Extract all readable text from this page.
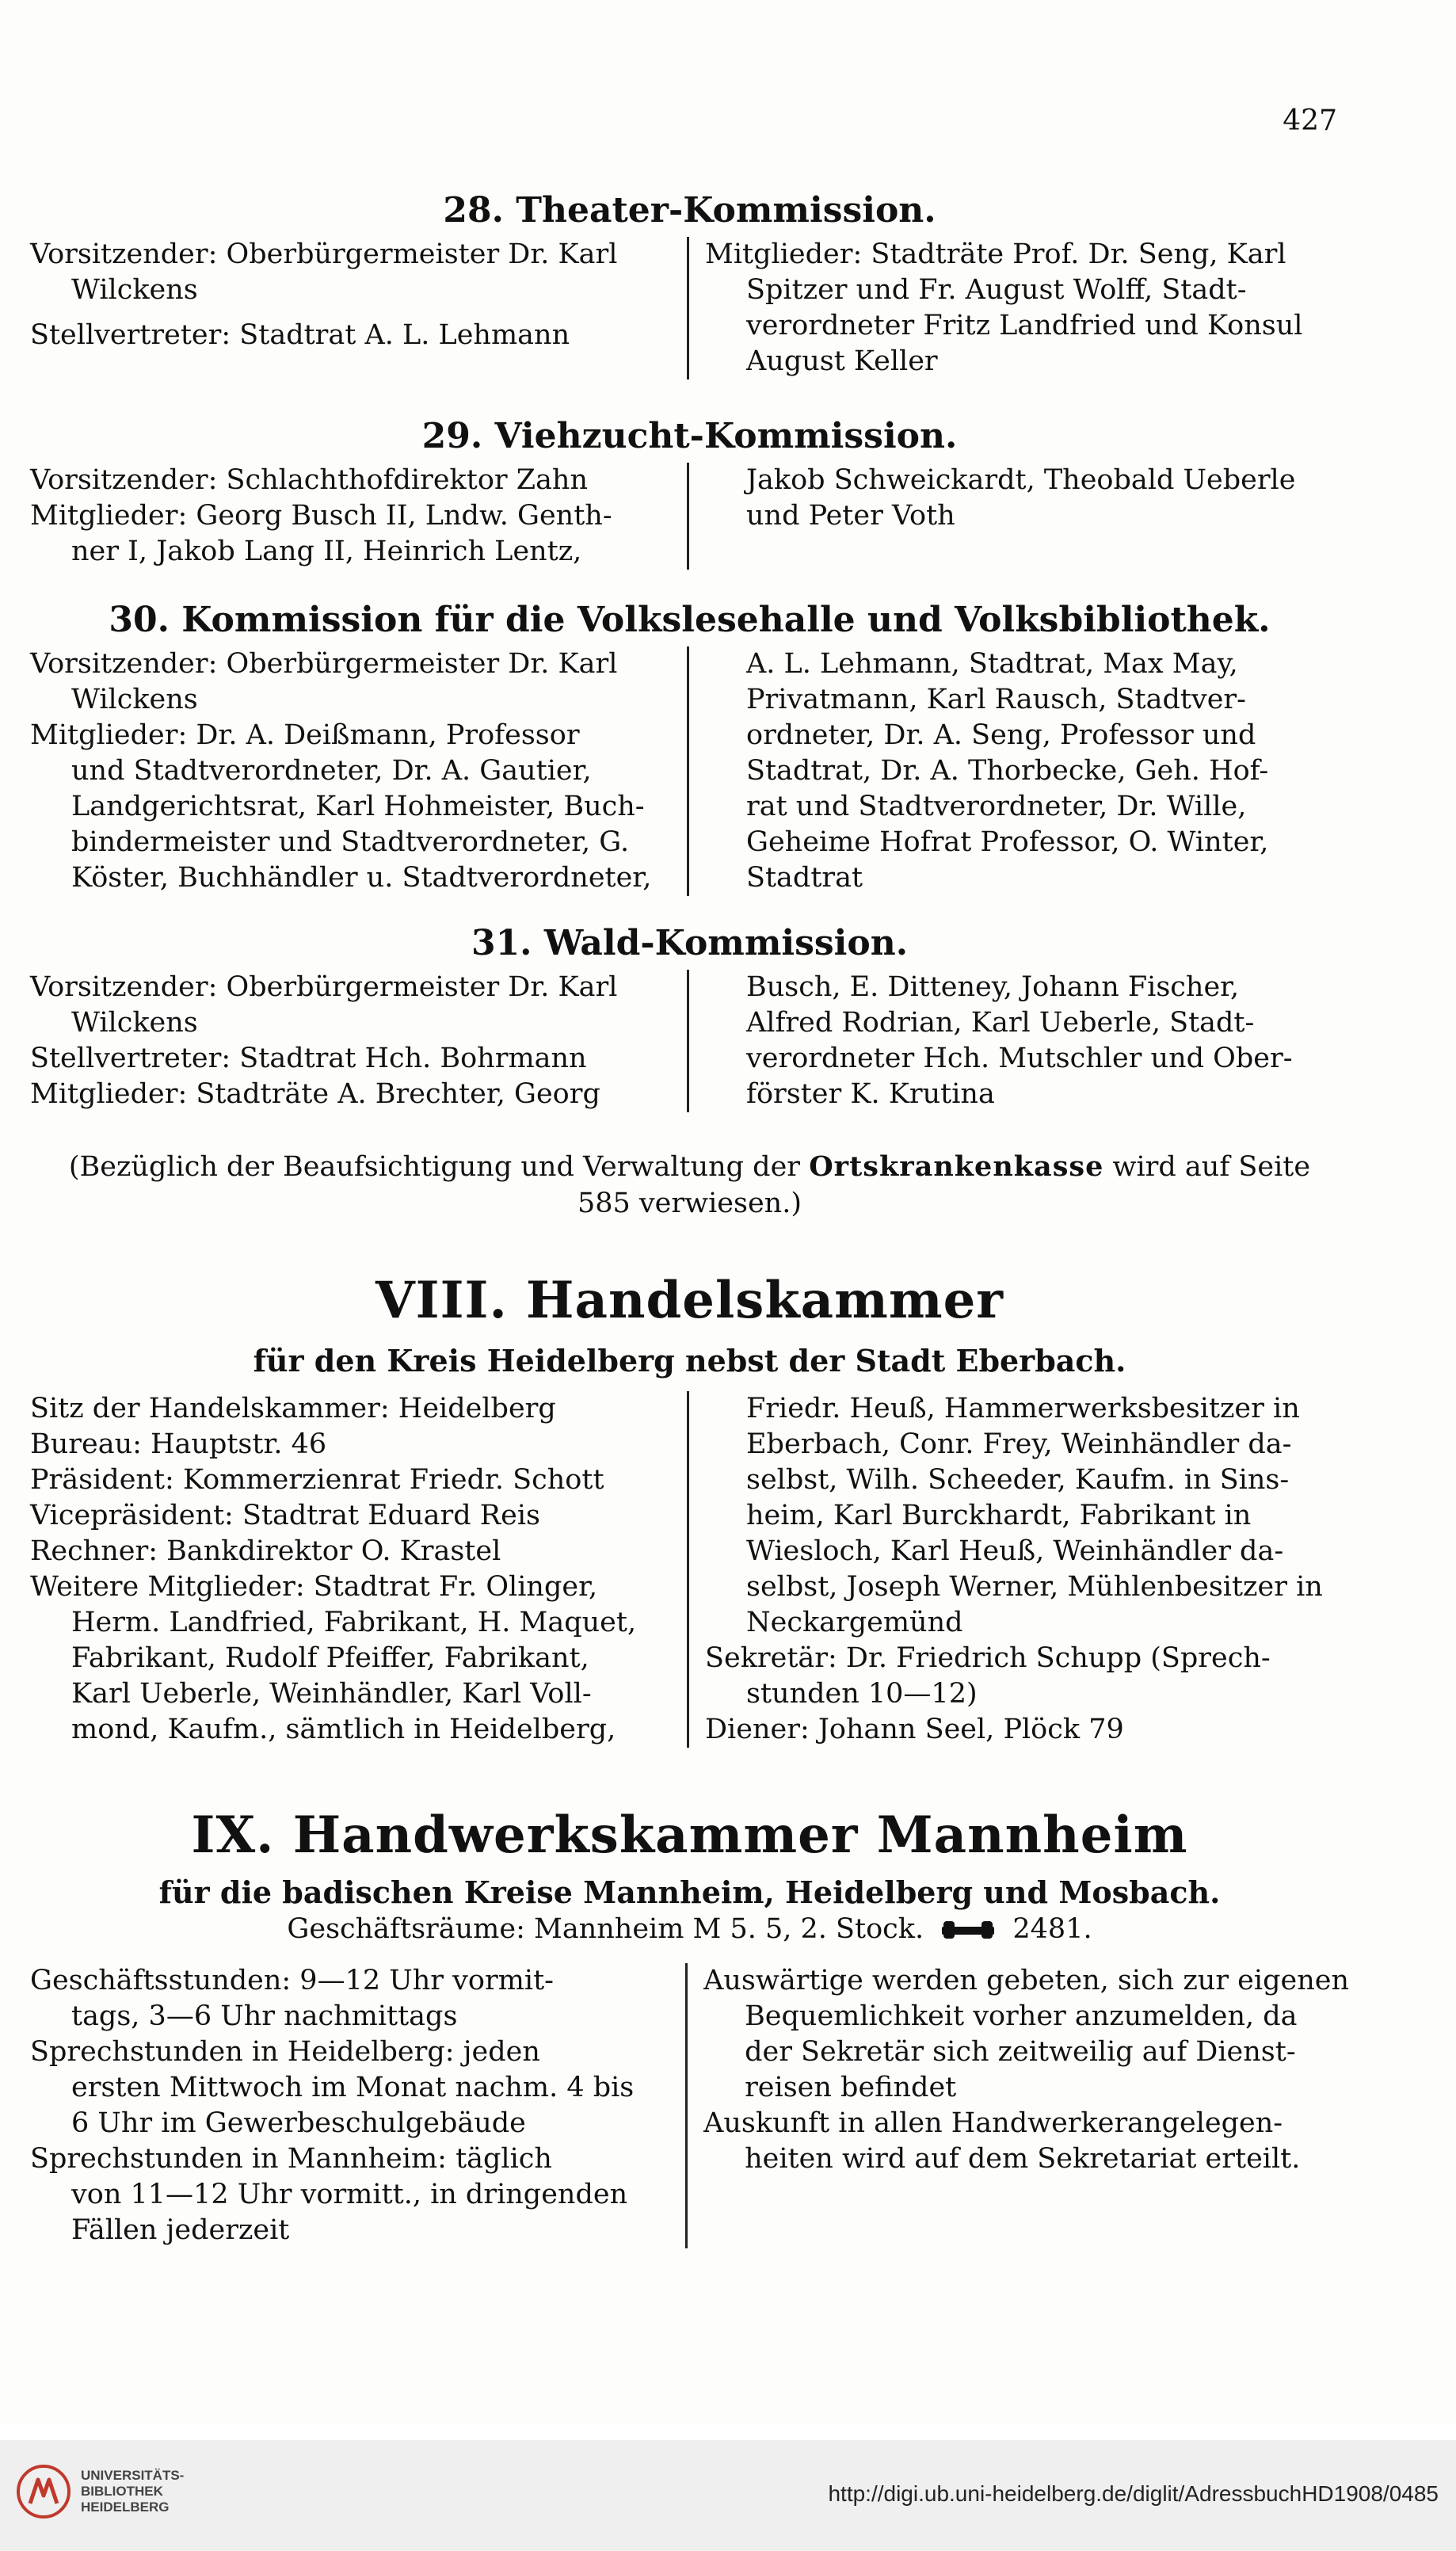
427
28. Theater-Kommission.
Vorsitzender: Oberbürgermeister Dr. Karl
Wilckens
Stellvertreter: Stadtrat A. L. Lehmann
Mitglieder: Stadträte Prof. Dr. Seng, Karl
Spitzer und Fr. August Wolff, Stadt-
verordneter Fritz Landfried und Konsul
August Keller
29. Viehzucht-Kommission.
Vorsitzender: Schlachthofdirektor Zahn
Mitglieder: Georg Busch II, Lndw. Genth-
ner I, Jakob Lang II, Heinrich Lentz,
Jakob Schweickardt, Theobald Ueberle
und Peter Voth
30. Kommission für die Volkslesehalle und Volksbibliothek.
Vorsitzender: Oberbürgermeister Dr. Karl
Wilckens
Mitglieder: Dr. A. Deißmann, Professor
und Stadtverordneter, Dr. A. Gautier,
Landgerichtsrat, Karl Hohmeister, Buch-
bindermeister und Stadtverordneter, G.
Köster, Buchhändler u. Stadtverordneter,
A. L. Lehmann, Stadtrat, Max May,
Privatmann, Karl Rausch, Stadtver-
ordneter, Dr. A. Seng, Professor und
Stadtrat, Dr. A. Thorbecke, Geh. Hof-
rat und Stadtverordneter, Dr. Wille,
Geheime Hofrat Professor, O. Winter,
Stadtrat
31. Wald-Kommission.
Vorsitzender: Oberbürgermeister Dr. Karl
Wilckens
Stellvertreter: Stadtrat Hch. Bohrmann
Mitglieder: Stadträte A. Brechter, Georg
Busch, E. Ditteney, Johann Fischer,
Alfred Rodrian, Karl Ueberle, Stadt-
verordneter Hch. Mutschler und Ober-
förster K. Krutina
(Bezüglich der Beaufsichtigung und Verwaltung der Ortskrankenkasse wird auf Seite 585 verwiesen.)
VIII. Handelskammer
für den Kreis Heidelberg nebst der Stadt Eberbach.
Sitz der Handelskammer: Heidelberg
Bureau: Hauptstr. 46
Präsident: Kommerzienrat Friedr. Schott
Vicepräsident: Stadtrat Eduard Reis
Rechner: Bankdirektor O. Krastel
Weitere Mitglieder: Stadtrat Fr. Olinger,
Herm. Landfried, Fabrikant, H. Maquet,
Fabrikant, Rudolf Pfeiffer, Fabrikant,
Karl Ueberle, Weinhändler, Karl Voll-
mond, Kaufm., sämtlich in Heidelberg,
Friedr. Heuß, Hammerwerksbesitzer in
Eberbach, Conr. Frey, Weinhändler da-
selbst, Wilh. Scheeder, Kaufm. in Sins-
heim, Karl Burckhardt, Fabrikant in
Wiesloch, Karl Heuß, Weinhändler da-
selbst, Joseph Werner, Mühlenbesitzer in
Neckargemünd
Sekretär: Dr. Friedrich Schupp (Sprech-
stunden 10—12)
Diener: Johann Seel, Plöck 79
IX. Handwerkskammer Mannheim
für die badischen Kreise Mannheim, Heidelberg und Mosbach.
Geschäftsräume: Mannheim M 5. 5, 2. Stock.	2481.
Geschäftsstunden: 9—12 Uhr vormit-
tags, 3—6 Uhr nachmittags
Sprechstunden in Heidelberg: jeden
ersten Mittwoch im Monat nachm. 4 bis
6 Uhr im Gewerbeschulgebäude
Sprechstunden in Mannheim: täglich
von 11—12 Uhr vormitt., in dringenden
Fällen jederzeit
Auswärtige werden gebeten, sich zur eigenen
Bequemlichkeit vorher anzumelden, da
der Sekretär sich zeitweilig auf Dienst-
reisen befindet
Auskunft in allen Handwerkerangelegen-
heiten wird auf dem Sekretariat erteilt.
UNIVERSITÄTS-
BIBLIOTHEK
HEIDELBERG
http://digi.ub.uni-heidelberg.de/diglit/AdressbuchHD1908/0485
